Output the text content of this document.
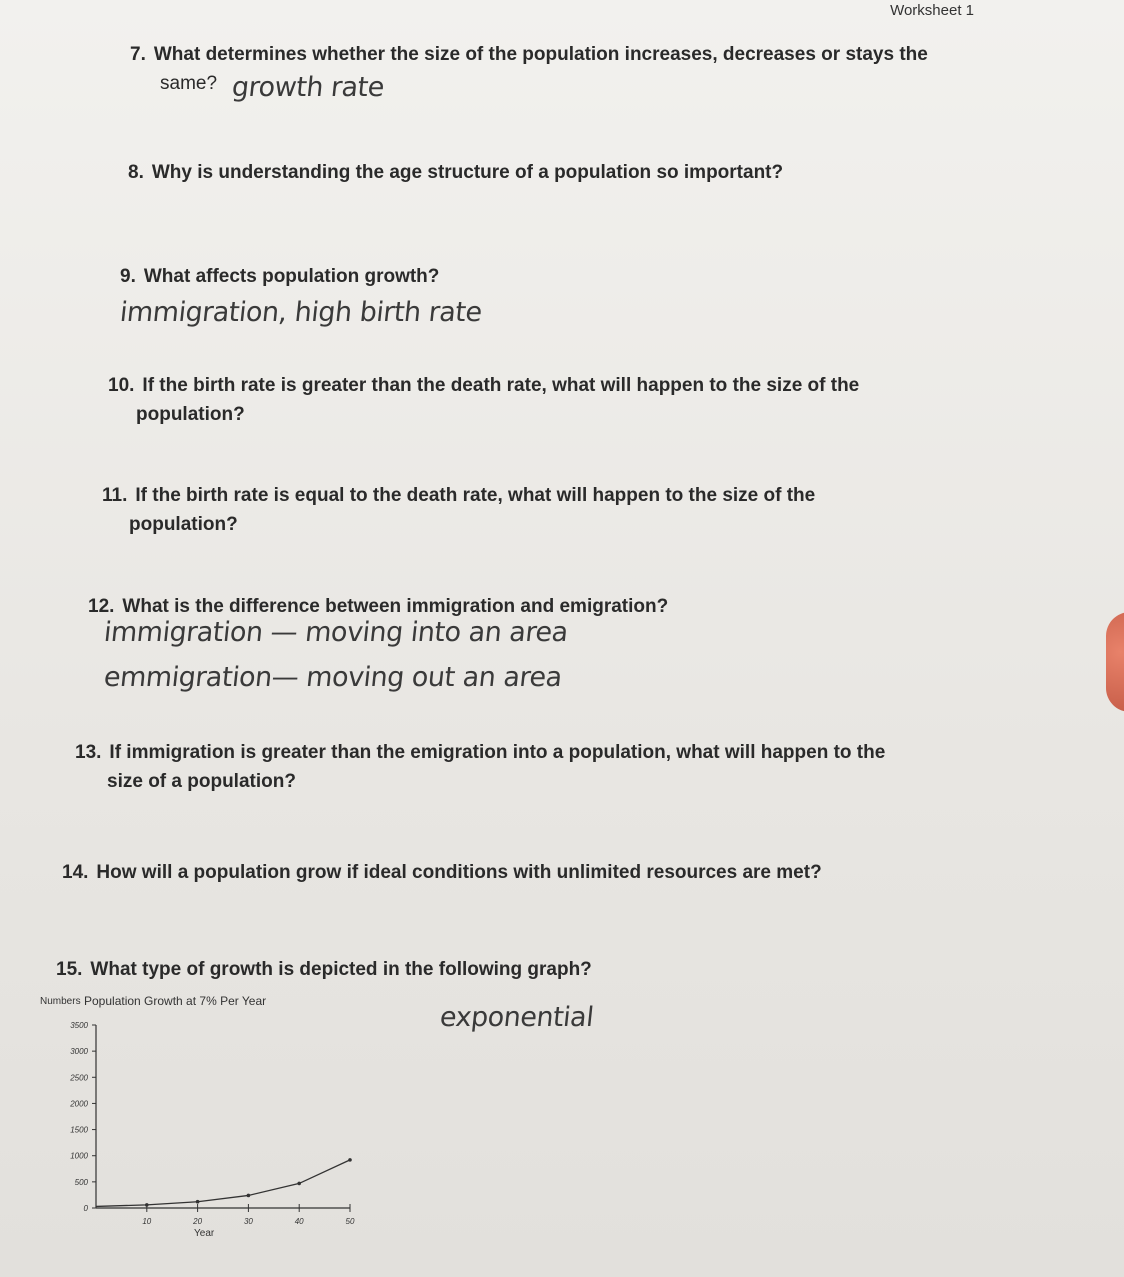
Worksheet 1
7. What determines whether the size of the population increases, decreases or stays the
same? growth rate
8. Why is understanding the age structure of a population so important?
9. What affects population growth?
immigration, high birth rate
10. If the birth rate is greater than the death rate, what will happen to the size of the
population?
11. If the birth rate is equal to the death rate, what will happen to the size of the
population?
12. What is the difference between immigration and emigration?
immigration — moving into an area
emmigration— moving out an area
13. If immigration is greater than the emigration into a population, what will happen to the
size of a population?
14. How will a population grow if ideal conditions with unlimited resources are met?
15. What type of growth is depicted in the following graph?
exponential
Numbers Population Growth at 7% Per Year
0
500
1000
1500
2000
2500
3000
3500
10	20	30	40	50
Year
